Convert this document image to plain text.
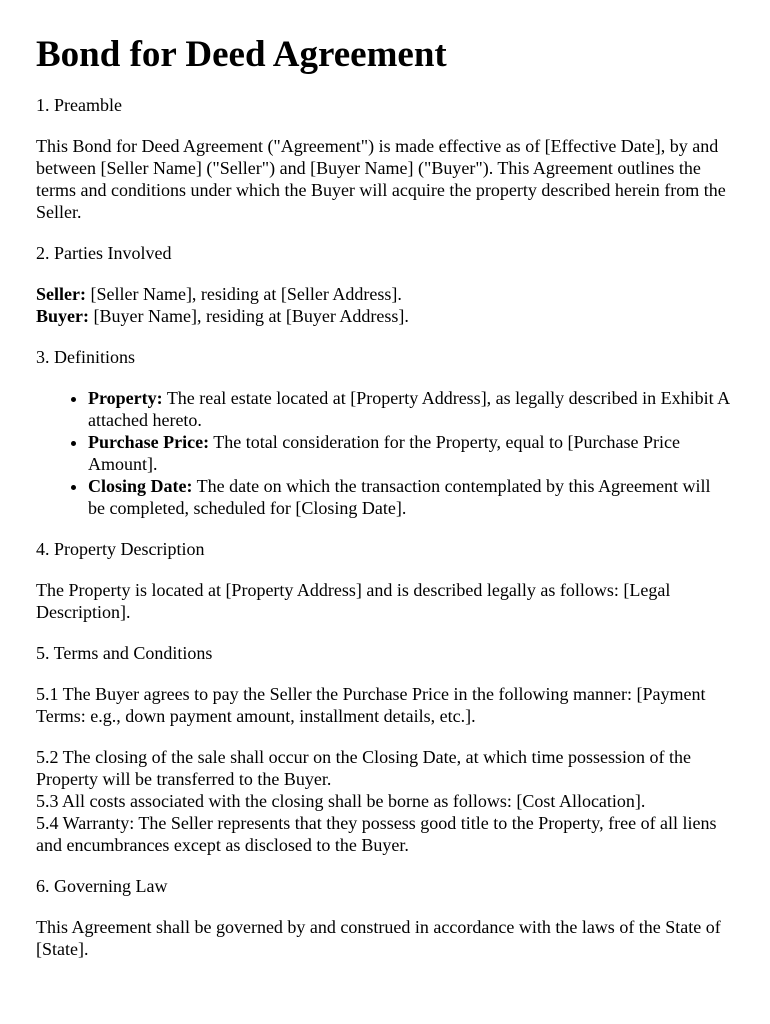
Bond for Deed Agreement

1. Preamble

This Bond for Deed Agreement ("Agreement") is made effective as of [Effective Date], by and between [Seller Name] ("Seller") and [Buyer Name] ("Buyer"). This Agreement outlines the terms and conditions under which the Buyer will acquire the property described herein from the Seller.

2. Parties Involved

Seller: [Seller Name], residing at [Seller Address].
Buyer: [Buyer Name], residing at [Buyer Address].

3. Definitions

• Property: The real estate located at [Property Address], as legally described in Exhibit A attached hereto.
• Purchase Price: The total consideration for the Property, equal to [Purchase Price Amount].
• Closing Date: The date on which the transaction contemplated by this Agreement will be completed, scheduled for [Closing Date].

4. Property Description

The Property is located at [Property Address] and is described legally as follows: [Legal Description].

5. Terms and Conditions

5.1 The Buyer agrees to pay the Seller the Purchase Price in the following manner: [Payment Terms: e.g., down payment amount, installment details, etc.].

5.2 The closing of the sale shall occur on the Closing Date, at which time possession of the Property will be transferred to the Buyer.
5.3 All costs associated with the closing shall be borne as follows: [Cost Allocation].
5.4 Warranty: The Seller represents that they possess good title to the Property, free of all liens and encumbrances except as disclosed to the Buyer.

6. Governing Law

This Agreement shall be governed by and construed in accordance with the laws of the State of [State].
